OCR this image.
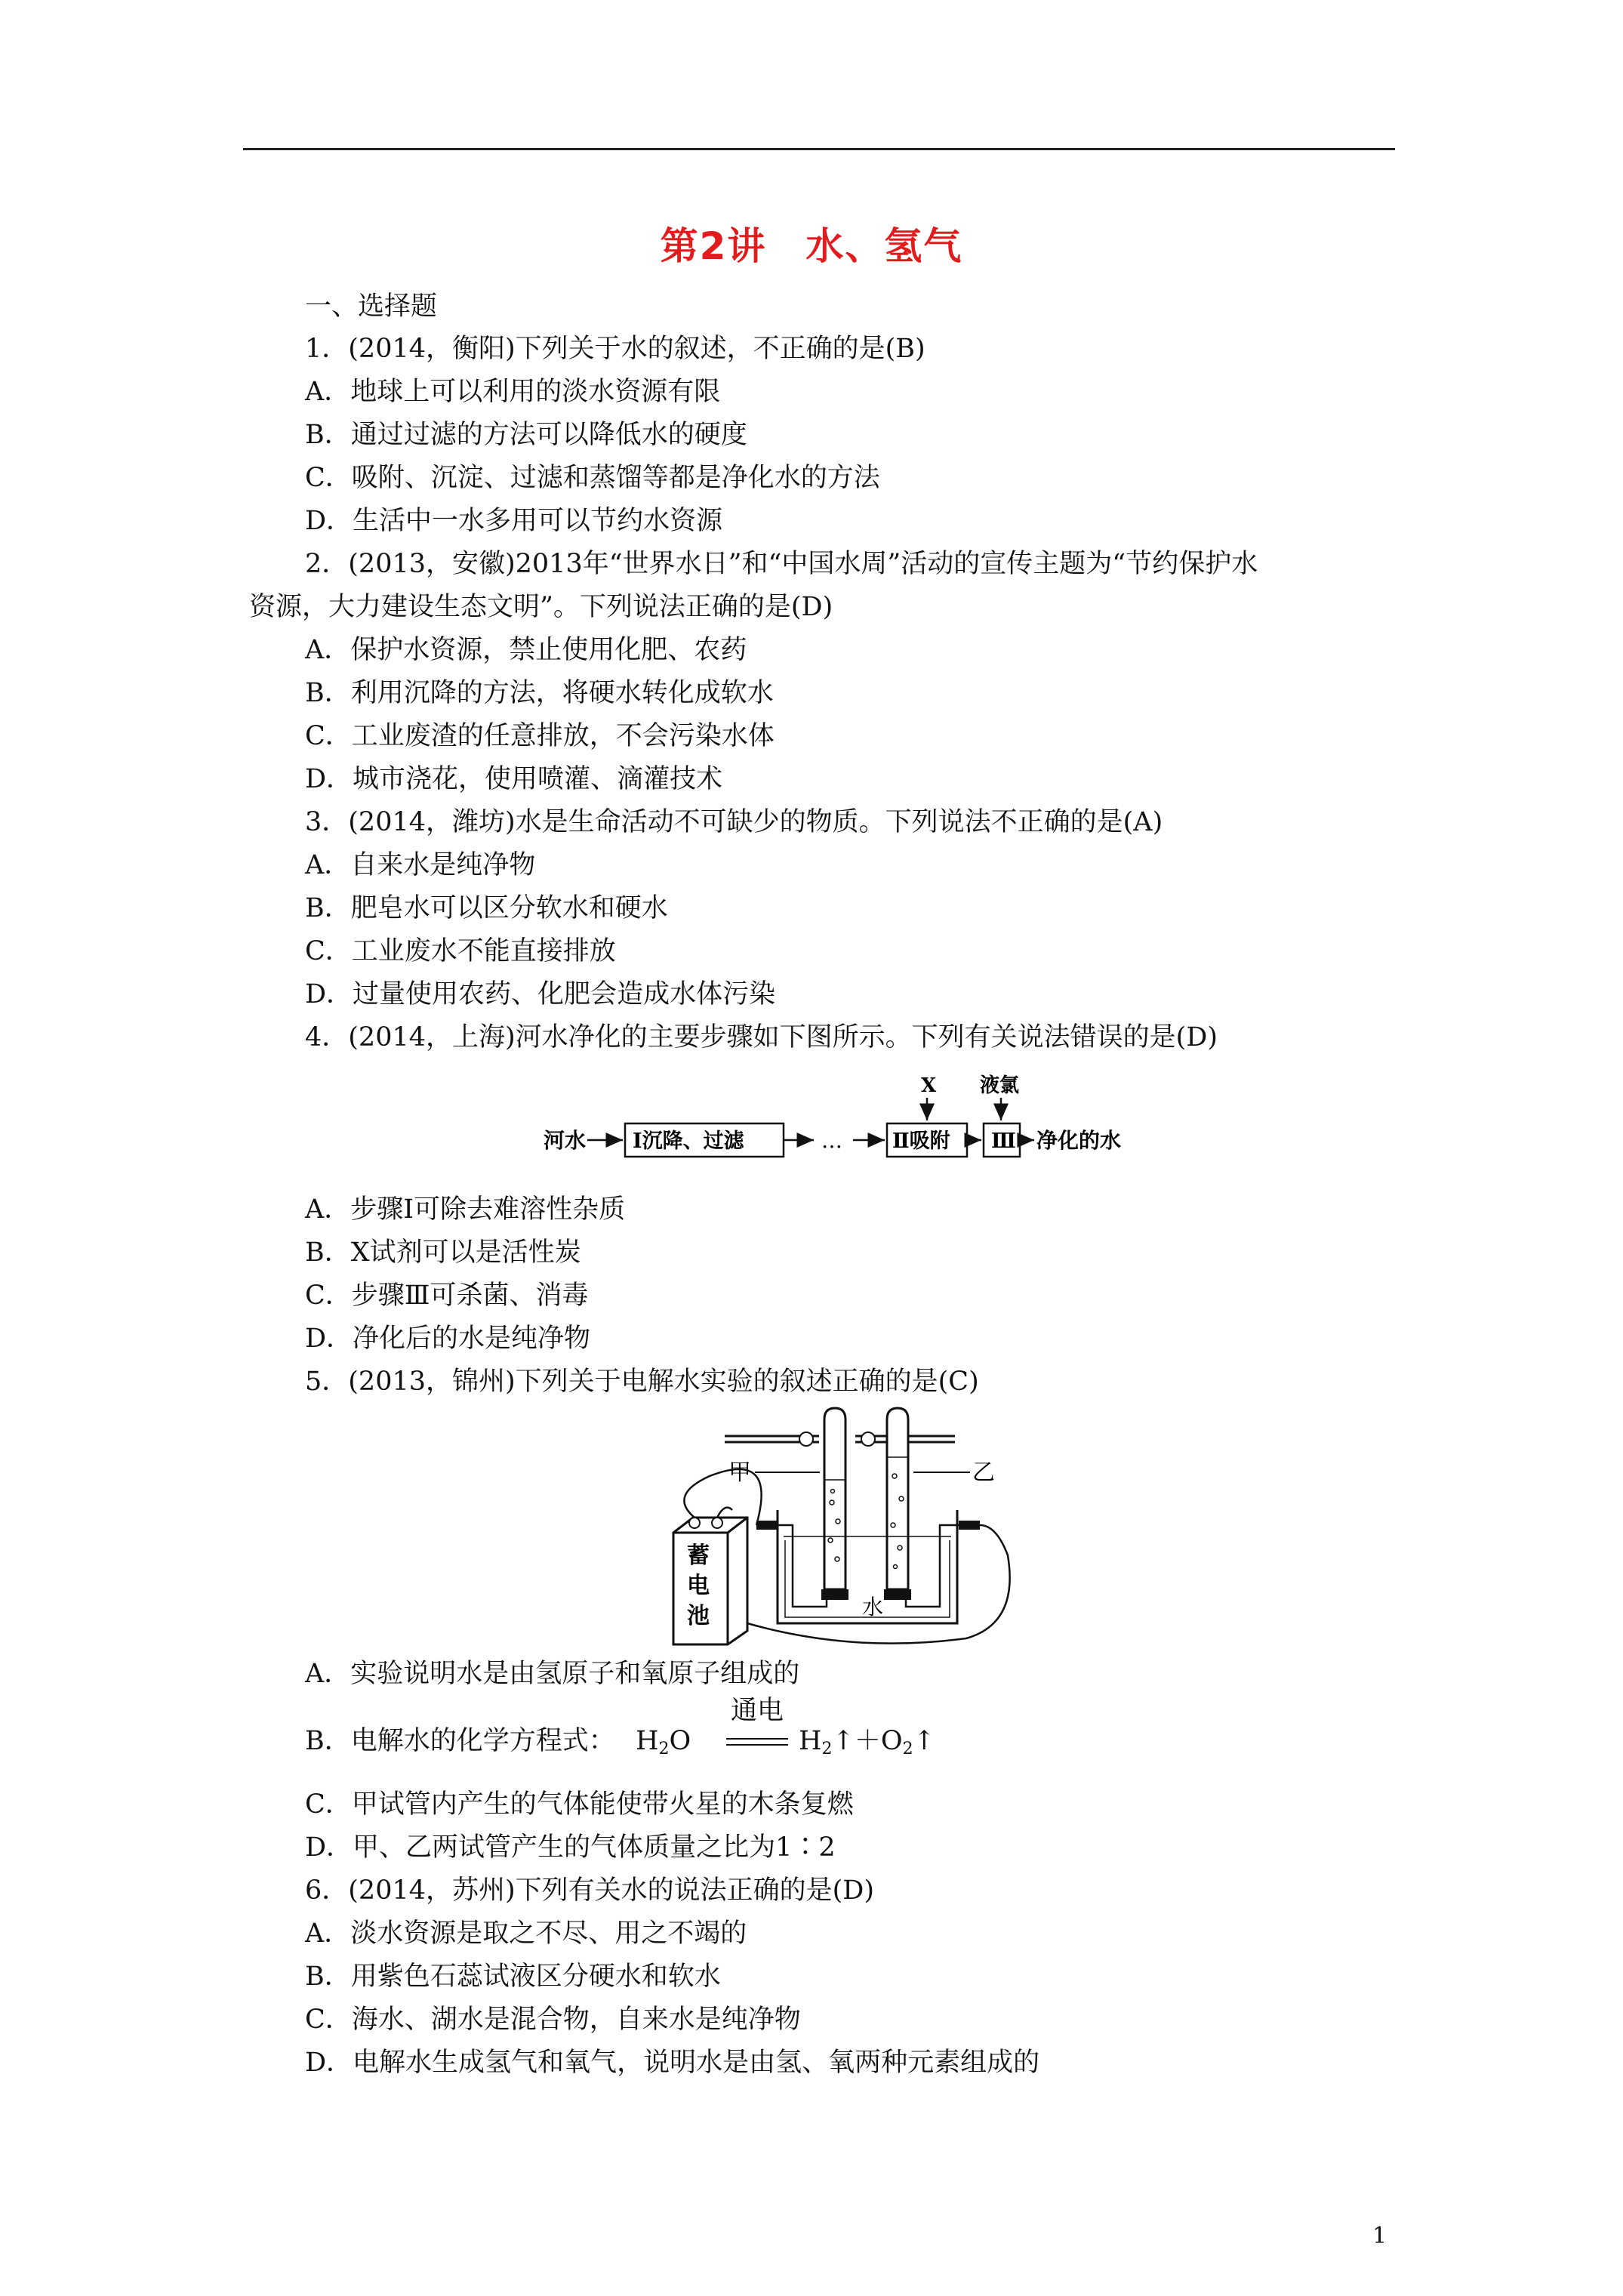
第2讲　水、氢气
一、选择题
1．(2014，衡阳)下列关于水的叙述，不正确的是(B)
A．地球上可以利用的淡水资源有限
B．通过过滤的方法可以降低水的硬度
C．吸附、沉淀、过滤和蒸馏等都是净化水的方法
D．生活中一水多用可以节约水资源
2．(2013，安徽)2013年“世界水日”和“中国水周”活动的宣传主题为“节约保护水
资源，大力建设生态文明”。下列说法正确的是(D)
A．保护水资源，禁止使用化肥、农药
B．利用沉降的方法，将硬水转化成软水
C．工业废渣的任意排放，不会污染水体
D．城市浇花，使用喷灌、滴灌技术
3．(2014，潍坊)水是生命活动不可缺少的物质。下列说法不正确的是(A)
A．自来水是纯净物
B．肥皂水可以区分软水和硬水
C．工业废水不能直接排放
D．过量使用农药、化肥会造成水体污染
4．(2014，上海)河水净化的主要步骤如下图所示。下列有关说法错误的是(D)
河水 Ⅰ沉降、过滤	… Ⅱ吸附
X
Ⅲ
液氯
净化的水
A．步骤Ⅰ可除去难溶性杂质
B．X试剂可以是活性炭
C．步骤Ⅲ可杀菌、消毒
D．净化后的水是纯净物
5．(2013，锦州)下列关于电解水实验的叙述正确的是(C)
甲	乙
水
蓄
电
池
A．实验说明水是由氢原子和氧原子组成的
B．电解水的化学方程式： $H_2O$
通电
$H_2↑+O_2↑$
C．甲试管内产生的气体能使带火星的木条复燃
D．甲、乙两试管产生的气体质量之比为1∶2
6．(2014，苏州)下列有关水的说法正确的是(D)
A．淡水资源是取之不尽、用之不竭的
B．用紫色石蕊试液区分硬水和软水
C．海水、湖水是混合物，自来水是纯净物
D．电解水生成氢气和氧气，说明水是由氢、氧两种元素组成的
1
